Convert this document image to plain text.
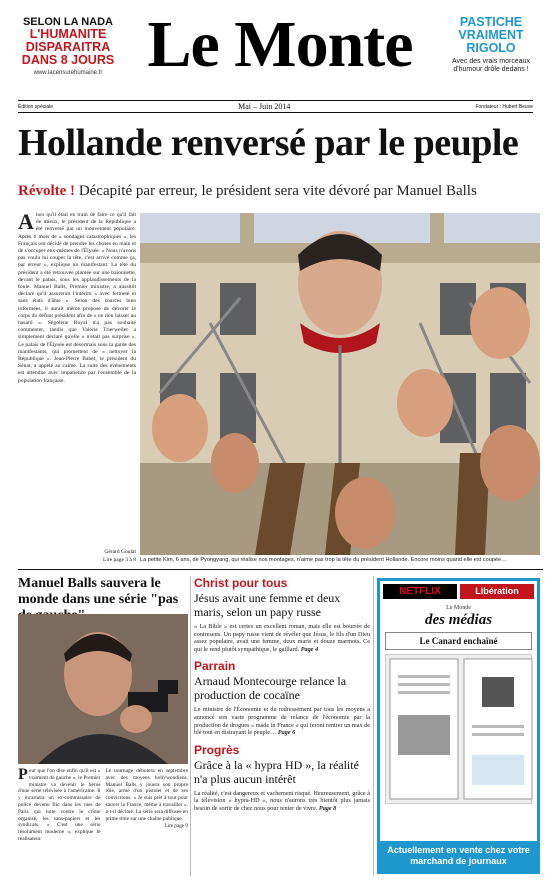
SELON LA NADA
L'HUMANITE
DISPARAITRA
DANS 8 JOURS
www.lacensurehumaine.fr Le Monte	PASTICHE
VRAIMENT
RIGOLO
Avec des vrais morceaux d'humour drôle dedans !
Édition spéciale	Mai – Juin 2014	Fondateur : Hubert Beuve
Hollande renversé par le peuple
Révolte ! Décapité par erreur, le président sera vite dévoré par Manuel Balls
A lors qu'il était en train de faire ce qu'il fait de mieux, le président de la République a été renversé par un mouvement populaire. Après 6 mois de « sondages catastrophiques », les Français ont décidé de prendre les choses en main et de s'occuper eux-mêmes de l'Élysée. « Nous n'avons pas voulu lui couper la tête, c'est arrivé comme ça, par erreur », explique un manifestant. La tête du président a été retrouvée plantée sur une baïonnette, devant le palais, sous les applaudissements de la foule. Manuel Balls, Premier ministre, a aussitôt déclaré qu'il assurerait l'intérim « avec fermeté et sans états d'âme ». Selon des sources bien informées, il aurait même proposé de dévorer le corps du défunt président afin de « ne rien laisser au hasard ». Ségolène Royal n'a pas souhaité commenter, tandis que Valérie Trierweiler a simplement déclaré qu'elle « n'était pas surprise ». Le palais de l'Élysée est désormais sous la garde des manifestants, qui promettent de « nettoyer la République ». Jean-Pierre Babel, le président du Sénat, a appelé au calme. La suite des événements est attendue avec impatience par l'ensemble de la population française.
Gérard Goulat
Lire page 3 à 8 La petite Kim, 6 ans, de Pyongyang, qui réalise nos montages, n'aime pas trop la tête du président Hollande. Encore moins quand elle est coupée…
Manuel Balls sauvera le monde dans une série "pas
P our que l'on dise enfin qu'il est « vraiment de gauche », le Premier ministre va devenir le héros d'une série télévisée à l'américaine. Il y incarnera un ex-commissaire de police devenu flic dans les rues de Paris qui lutte contre le crime organisé, les sans-papiers et les syndicats. « C'est une série résolument moderne », explique le réalisateur.
Le tournage débutera en septembre avec des moyens hollywoodiens. Manuel Balls y jouera son propre rôle, armé d'un pistolet et de ses convictions. « Je suis prêt à tout pour sauver la France, même à travailler », a-t-il déclaré. La série sera diffusée en prime time sur une chaîne publique.
Lire page 9
Christ pour tous
Jésus avait une femme et deux maris, selon un papy russe
« La Bible » est certes un excellent roman, mais elle est bourrée de contresens. Un papy russe vient de révéler que Jésus, le fils d'un Dieu assez populaire, avait une femme, deux maris et douze marmots. Ce qui le rend plutôt sympathique, le gaillard. Page 4
Parrain
Arnaud Montecourge relance la production de cocaïne
Le ministre de l'Économie et du redressement par tous les moyens a annoncé son vaste programme de relance de l'économie par la production de drogues « made in France » qui feront rentrer un max de blé tout en distrayant le peuple… Page 6
Progrès
Grâce à la « hypra HD », la réalité n'a plus aucun intérêt
La réalité, c'est dangereux et vachement risqué. Heureusement, grâce à la télévision « hypra-HD », nous n'aurons très bientôt plus jamais besoin de sortir de chez nous pour tenter de vivre. Page 8
NETFLIX	Libération
Le Monde
des médias
Le Canard enchaîné
Actuellement en vente chez votre marchand de journaux
